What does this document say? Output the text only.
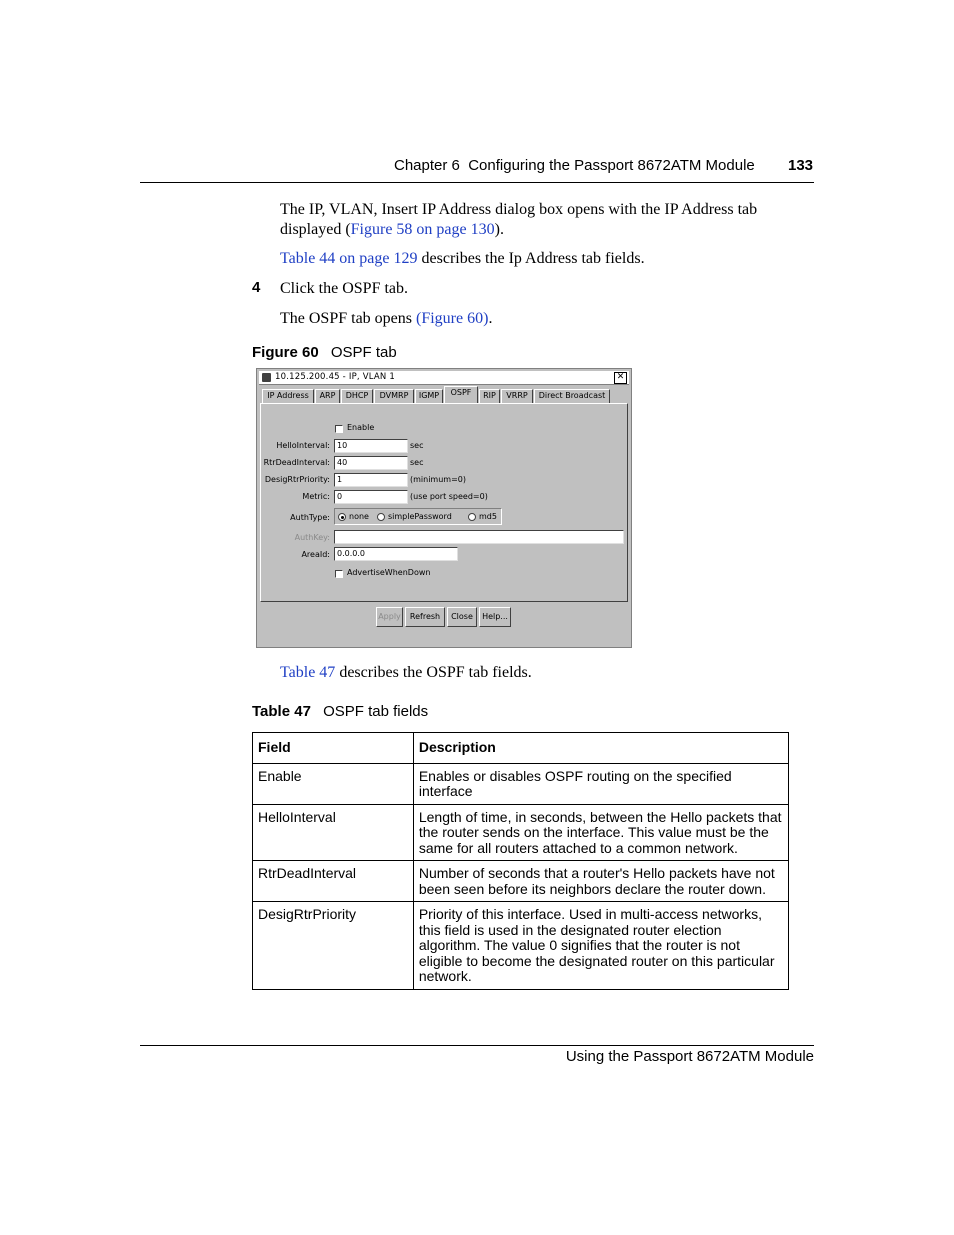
Chapter 6  Configuring the Passport 8672ATM Module 133
The IP, VLAN, Insert IP Address dialog box opens with the IP Address tab
displayed (Figure 58 on page 130).
Table 44 on page 129 describes the Ip Address tab fields.
4 Click the OSPF tab.
The OSPF tab opens (Figure 60).
Figure 60 OSPF tab
10.125.200.45 - IP, VLAN 1	✕
IP Address	ARP	DHCP	DVMRP	IGMP	OSPF	RIP	VRRP	Direct Broadcast
Enable
HelloInterval: 10	sec
RtrDeadInterval: 40	sec
DesigRtrPriority: 1	(minimum=0)
Metric: 0	(use port speed=0)
AuthType: none simplePassword	md5
AuthKey:
AreaId: 0.0.0.0
AdvertiseWhenDown
Apply	Refresh	Close	Help...
Table 47 describes the OSPF tab fields.
Table 47 OSPF tab fields
Field	Description
Enable	Enables or disables OSPF routing on the specified interface
HelloInterval	Length of time, in seconds, between the Hello packets that the router sends on the interface. This value must be the same for all routers attached to a common network.
RtrDeadInterval	Number of seconds that a router's Hello packets have not been seen before its neighbors declare the router down.
DesigRtrPriority	Priority of this interface. Used in multi-access networks, this field is used in the designated router election algorithm. The value 0 signifies that the router is not eligible to become the designated router on this particular network.
Using the Passport 8672ATM Module
